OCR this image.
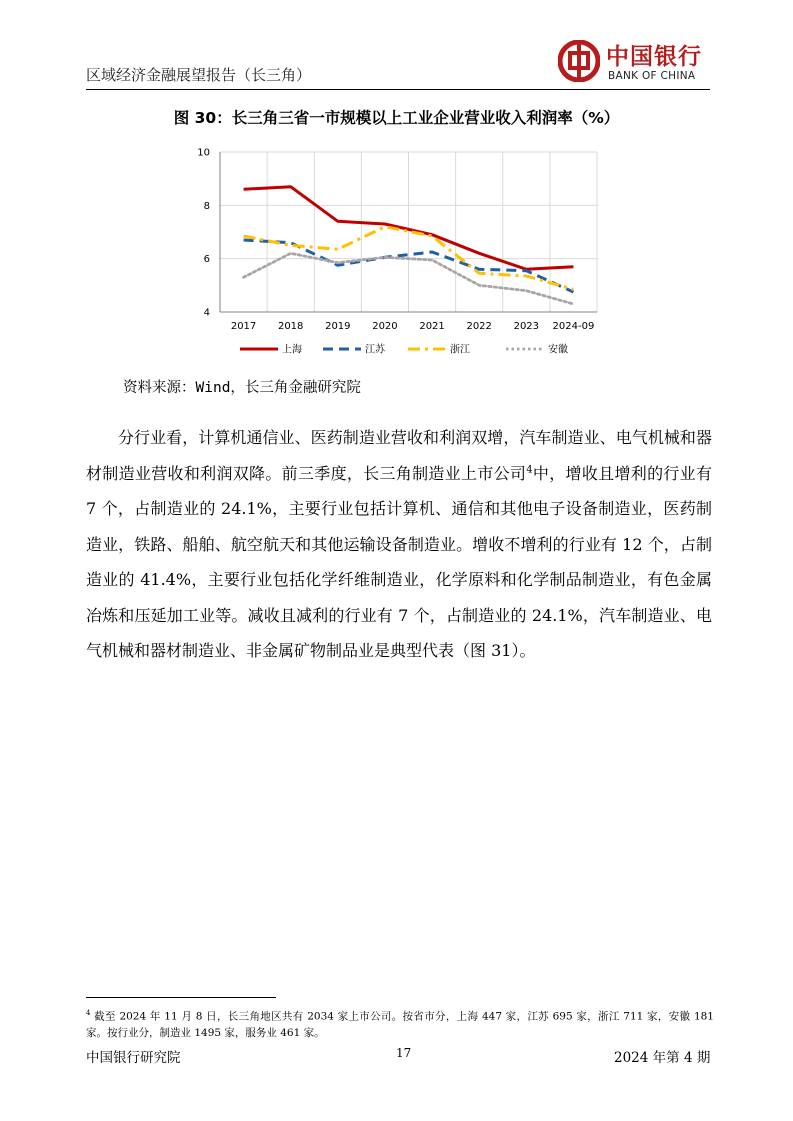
区域经济金融展望报告（长三角）
中国银行
BANK OF CHINA
图 30：长三角三省一市规模以上工业企业营业收入利润率（%）
4
6
8
10
2017 2018 2019 2020 2021 2022 2023 2024-09
上海	江苏	浙江	安徽
资料来源：Wind，长三角金融研究院

分行业看，计算机通信业、医药制造业营收和利润双增，汽车制造业、电气机械和器材制造业营收和利润双降。前三季度，长三角制造业上市公司$^4$中，增收且增利的行业有 7 个，占制造业的 24.1%，主要行业包括计算机、通信和其他电子设备制造业，医药制造业，铁路、船舶、航空航天和其他运输设备制造业。增收不增利的行业有 12 个，占制造业的 41.4%，主要行业包括化学纤维制造业，化学原料和化学制品制造业，有色金属冶炼和压延加工业等。减收且减利的行业有 7 个，占制造业的 24.1%，汽车制造业、电气机械和器材制造业、非金属矿物制品业是典型代表（图 31）。

$^4$ 截至 2024 年 11 月 8 日，长三角地区共有 2034 家上市公司。按省市分，上海 447 家，江苏 695 家，浙江 711 家，安徽 181 家。按行业分，制造业 1495 家，服务业 461 家。
中国银行研究院	17	2024 年第 4 期
